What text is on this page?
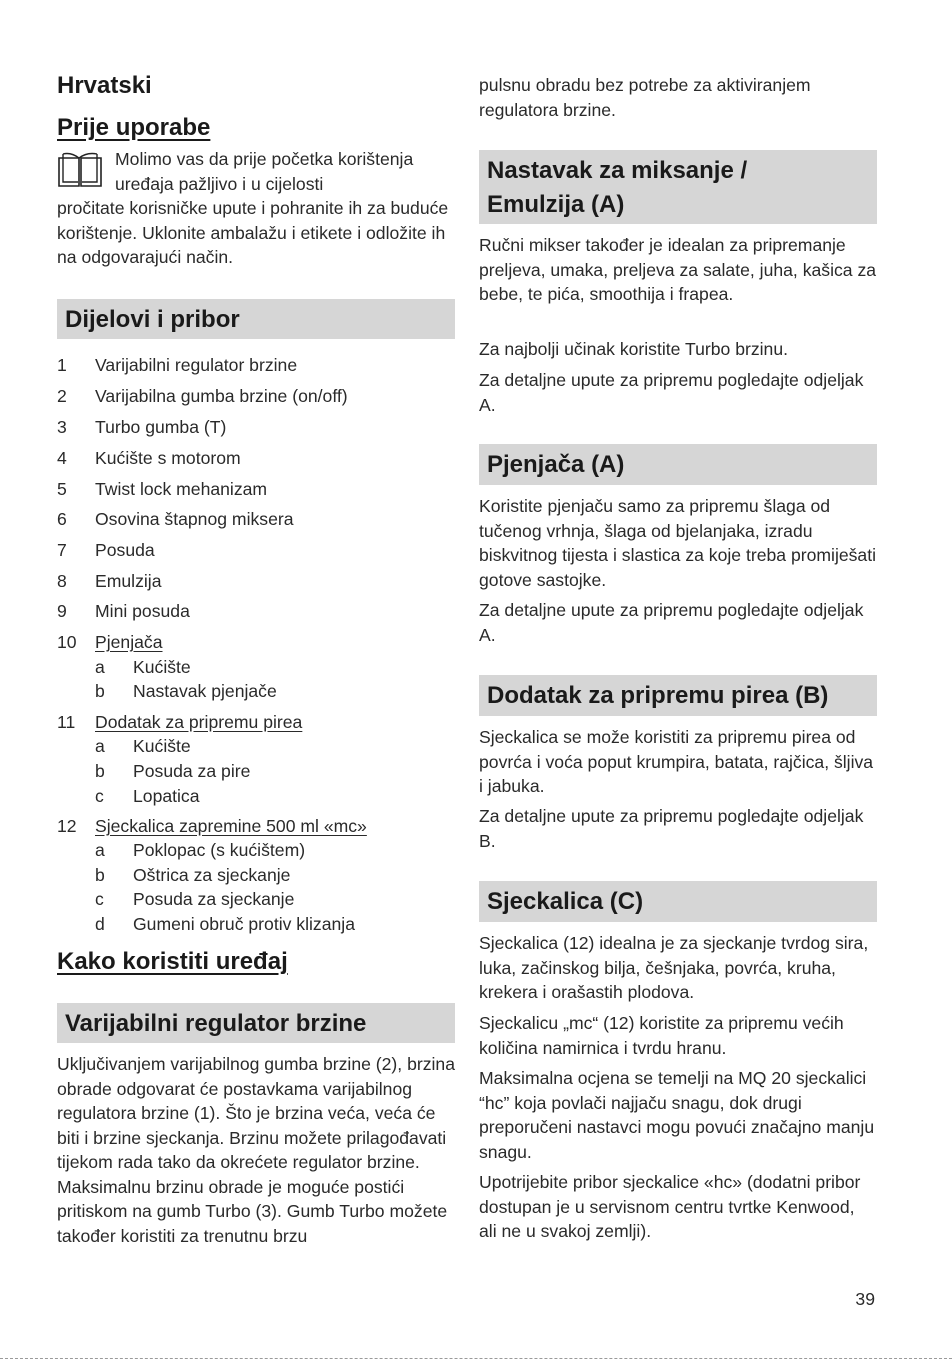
Hrvatski
Prije uporabe

Molimo vas da prije početka korištenja uređaja pažljivo i u cijelosti

pročitate korisničke upute i pohranite ih za buduće korištenje. Uklonite ambalažu i etikete i odložite ih na odgovarajući način.

Dijelovi i pribor
1 Varijabilni regulator brzine
2 Varijabilna gumba brzine (on/off)
3 Turbo gumba (T)
4 Kućište s motorom
5 Twist lock mehanizam
6 Osovina štapnog miksera
7 Posuda
8 Emulzija
9 Mini posuda
10 Pjenjača
a Kućište
b Nastavak pjenjače
11 Dodatak za pripremu pirea
a Kućište
b Posuda za pire
c Lopatica
12 Sjeckalica zapremine 500 ml «mc»
a Poklopac (s kućištem)
b Oštrica za sjeckanje
c Posuda za sjeckanje
d Gumeni obruč protiv klizanja
Kako koristiti uređaj
Varijabilni regulator brzine

Uključivanjem varijabilnog gumba brzine (2), brzina obrade odgovarat će postavkama varijabilnog regulatora brzine (1). Što je brzina veća, veća će biti i brzine sjeckanja. Brzinu možete prilagođavati tijekom rada tako da okrećete regulator brzine. Maksimalnu brzinu obrade je moguće postići pritiskom na gumb Turbo (3). Gumb Turbo možete također koristiti za trenutnu brzu

pulsnu obradu bez potrebe za aktiviranjem regulatora brzine.

Nastavak za miksanje /
Emulzija (A)

Ručni mikser također je idealan za pripremanje preljeva, umaka, preljeva za salate, juha, kašica za bebe, te pića, smoothija i frapea.

Za najbolji učinak koristite Turbo brzinu.

Za detaljne upute za pripremu pogledajte odjeljak A.

Pjenjača (A)

Koristite pjenjaču samo za pripremu šlaga od tučenog vrhnja, šlaga od bjelanjaka, izradu biskvitnog tijesta i slastica za koje treba promiješati gotove sastojke.

Za detaljne upute za pripremu pogledajte odjeljak A.

Dodatak za pripremu pirea (B)

Sjeckalica se može koristiti za pripremu pirea od povrća i voća poput krumpira, batata, rajčica, šljiva i jabuka.

Za detaljne upute za pripremu pogledajte odjeljak B.

Sjeckalica (C)

Sjeckalica (12) idealna je za sjeckanje tvrdog sira, luka, začinskog bilja, češnjaka, povrća, kruha, krekera i orašastih plodova.

Sjeckalicu „mc“ (12) koristite za pripremu većih količina namirnica i tvrdu hranu.

Maksimalna ocjena se temelji na MQ 20 sjeckalici “hc” koja povlači najjaču snagu, dok drugi preporučeni nastavci mogu povući značajno manju snagu.

Upotrijebite pribor sjeckalice «hc» (dodatni pribor dostupan je u servisnom centru tvrtke Kenwood, ali ne u svakoj zemlji).

39
